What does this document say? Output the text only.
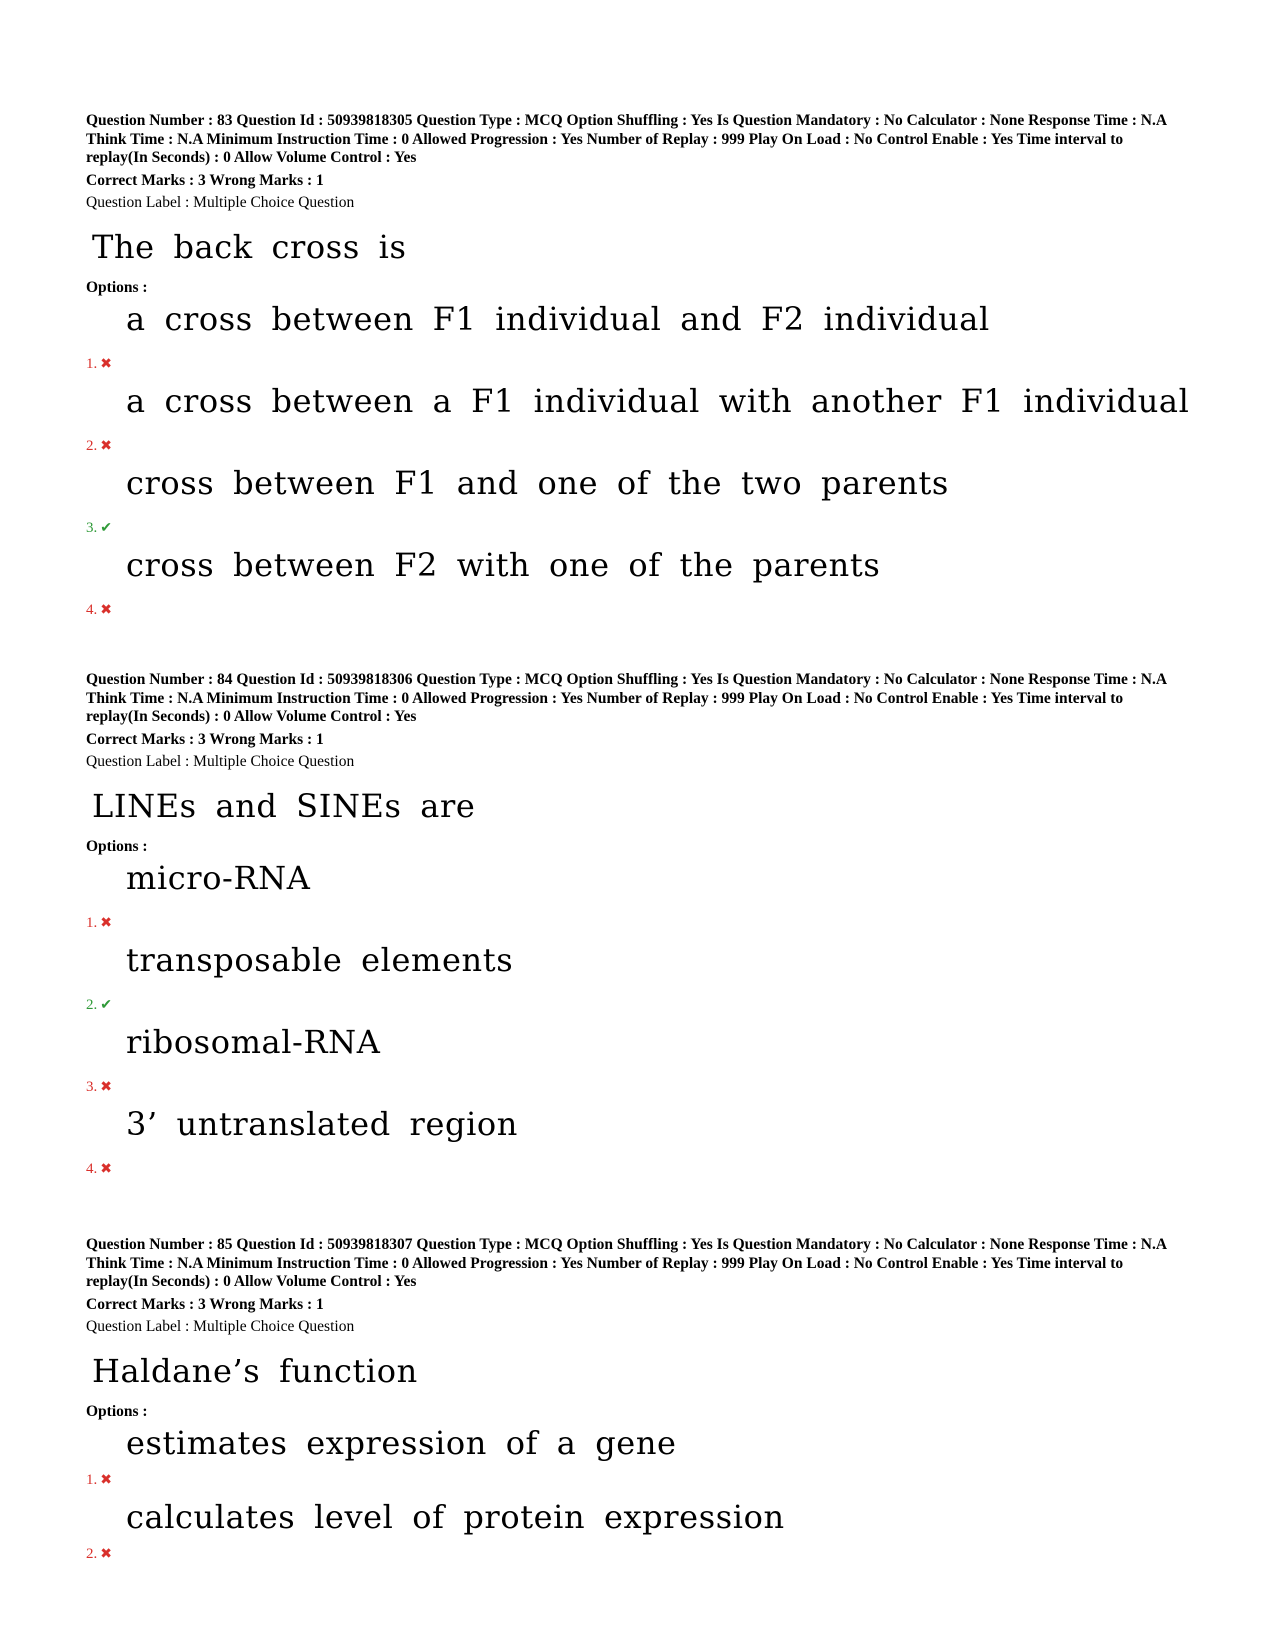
Question Number : 83 Question Id : 50939818305 Question Type : MCQ Option Shuffling : Yes Is Question Mandatory : No Calculator : None Response Time : N.A Think Time : N.A Minimum Instruction Time : 0 Allowed Progression : Yes Number of Replay : 999 Play On Load : No Control Enable : Yes Time interval to replay(In Seconds) : 0 Allow Volume Control : Yes

Correct Marks : 3 Wrong Marks : 1
Question Label : Multiple Choice Question
The back cross is
Options :
a cross between F1 individual and F2 individual
1. ✖
a cross between a F1 individual with another F1 individual
2. ✖
cross between F1 and one of the two parents
3. ✔
cross between F2 with one of the parents
4. ✖

Question Number : 84 Question Id : 50939818306 Question Type : MCQ Option Shuffling : Yes Is Question Mandatory : No Calculator : None Response Time : N.A Think Time : N.A Minimum Instruction Time : 0 Allowed Progression : Yes Number of Replay : 999 Play On Load : No Control Enable : Yes Time interval to replay(In Seconds) : 0 Allow Volume Control : Yes

Correct Marks : 3 Wrong Marks : 1
Question Label : Multiple Choice Question
LINEs and SINEs are
Options :
micro-RNA
1. ✖
transposable elements
2. ✔
ribosomal-RNA
3. ✖
3’ untranslated region
4. ✖

Question Number : 85 Question Id : 50939818307 Question Type : MCQ Option Shuffling : Yes Is Question Mandatory : No Calculator : None Response Time : N.A Think Time : N.A Minimum Instruction Time : 0 Allowed Progression : Yes Number of Replay : 999 Play On Load : No Control Enable : Yes Time interval to replay(In Seconds) : 0 Allow Volume Control : Yes

Correct Marks : 3 Wrong Marks : 1
Question Label : Multiple Choice Question
Haldane’s function
Options :
estimates expression of a gene
1. ✖
calculates level of protein expression
2. ✖
